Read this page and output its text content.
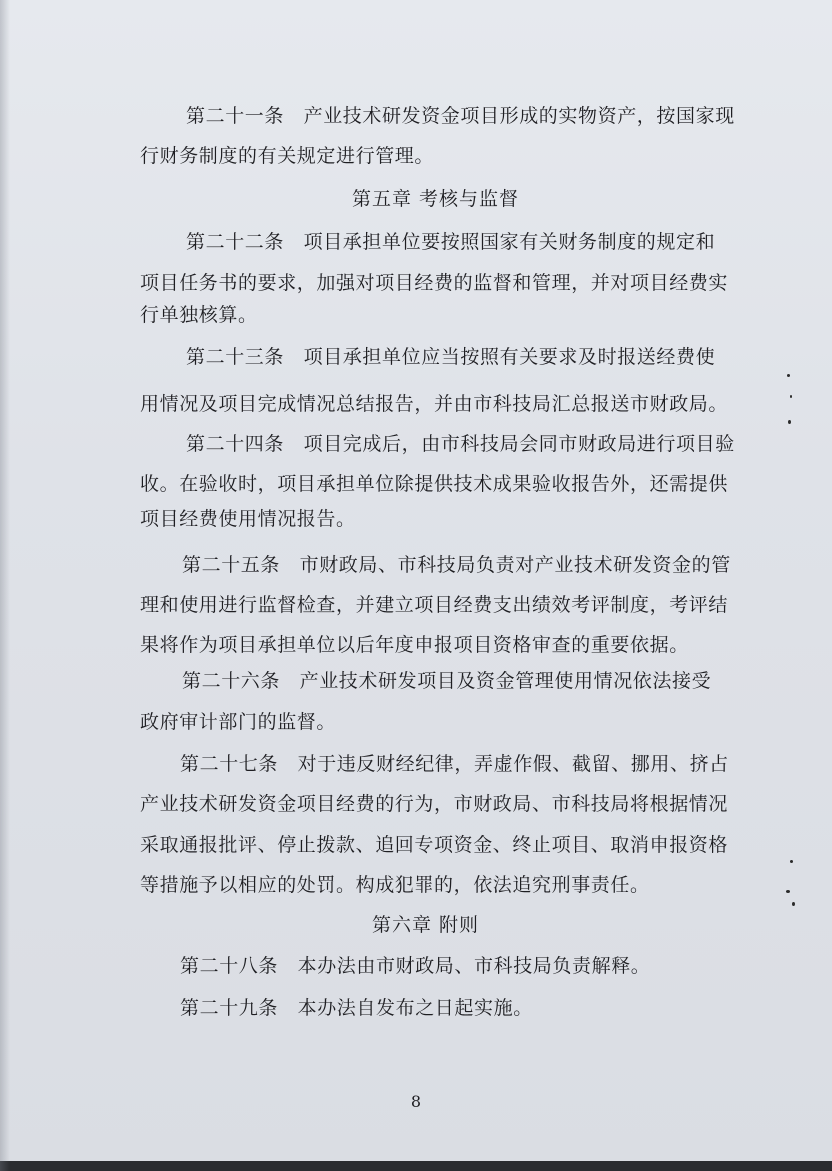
第二十一条　产业技术研发资金项目形成的实物资产，按国家现
行财务制度的有关规定进行管理。
第五章 考核与监督
第二十二条　项目承担单位要按照国家有关财务制度的规定和
项目任务书的要求，加强对项目经费的监督和管理，并对项目经费实
行单独核算。
第二十三条　项目承担单位应当按照有关要求及时报送经费使
用情况及项目完成情况总结报告，并由市科技局汇总报送市财政局。
第二十四条　项目完成后，由市科技局会同市财政局进行项目验
收。在验收时，项目承担单位除提供技术成果验收报告外，还需提供
项目经费使用情况报告。
第二十五条　市财政局、市科技局负责对产业技术研发资金的管
理和使用进行监督检查，并建立项目经费支出绩效考评制度，考评结
果将作为项目承担单位以后年度申报项目资格审查的重要依据。
第二十六条　产业技术研发项目及资金管理使用情况依法接受
政府审计部门的监督。
第二十七条　对于违反财经纪律，弄虚作假、截留、挪用、挤占
产业技术研发资金项目经费的行为，市财政局、市科技局将根据情况
采取通报批评、停止拨款、追回专项资金、终止项目、取消申报资格
等措施予以相应的处罚。构成犯罪的，依法追究刑事责任。
第六章 附则
第二十八条　本办法由市财政局、市科技局负责解释。
第二十九条　本办法自发布之日起实施。
8
